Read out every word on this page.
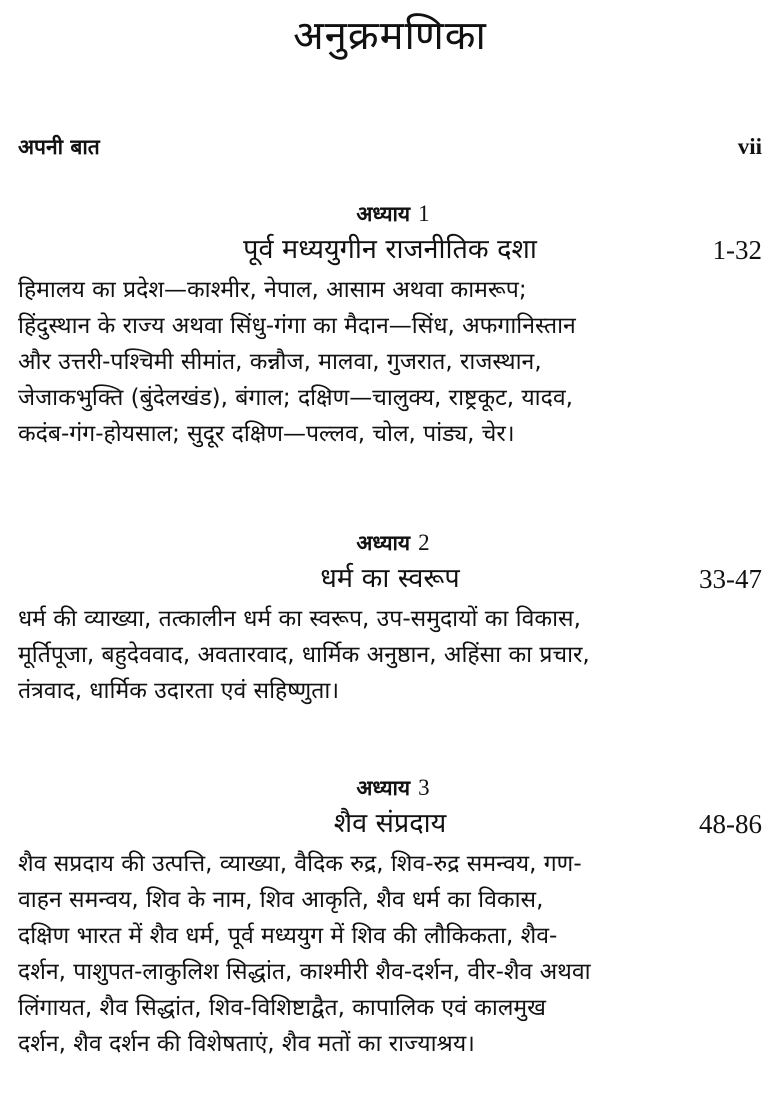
अनुक्रमणिका
अपनी बात	vii
अध्याय 1
पूर्व मध्ययुगीन राजनीतिक दशा	1-32
हिमालय का प्रदेश—काश्मीर, नेपाल, आसाम अथवा कामरूप;
हिंदुस्थान के राज्य अथवा सिंधु-गंगा का मैदान—सिंध, अफगानिस्तान
और उत्तरी-पश्चिमी सीमांत, कन्नौज, मालवा, गुजरात, राजस्थान,
जेजाकभुक्ति (बुंदेलखंड), बंगाल; दक्षिण—चालुक्य, राष्ट्रकूट, यादव,
कदंब-गंग-होयसाल; सुदूर दक्षिण—पल्लव, चोल, पांड्य, चेर।
अध्याय 2
धर्म का स्वरूप	33-47
धर्म की व्याख्या, तत्कालीन धर्म का स्वरूप, उप-समुदायों का विकास,
मूर्तिपूजा, बहुदेववाद, अवतारवाद, धार्मिक अनुष्ठान, अहिंसा का प्रचार,
तंत्रवाद, धार्मिक उदारता एवं सहिष्णुता।
अध्याय 3
शैव संप्रदाय	48-86
शैव सप्रदाय की उत्पत्ति, व्याख्या, वैदिक रुद्र, शिव-रुद्र समन्वय, गण-
वाहन समन्वय, शिव के नाम, शिव आकृति, शैव धर्म का विकास,
दक्षिण भारत में शैव धर्म, पूर्व मध्ययुग में शिव की लौकिकता, शैव-
दर्शन, पाशुपत-लाकुलिश सिद्धांत, काश्मीरी शैव-दर्शन, वीर-शैव अथवा
लिंगायत, शैव सिद्धांत, शिव-विशिष्टाद्वैत, कापालिक एवं कालमुख
दर्शन, शैव दर्शन की विशेषताएं, शैव मतों का राज्याश्रय।
